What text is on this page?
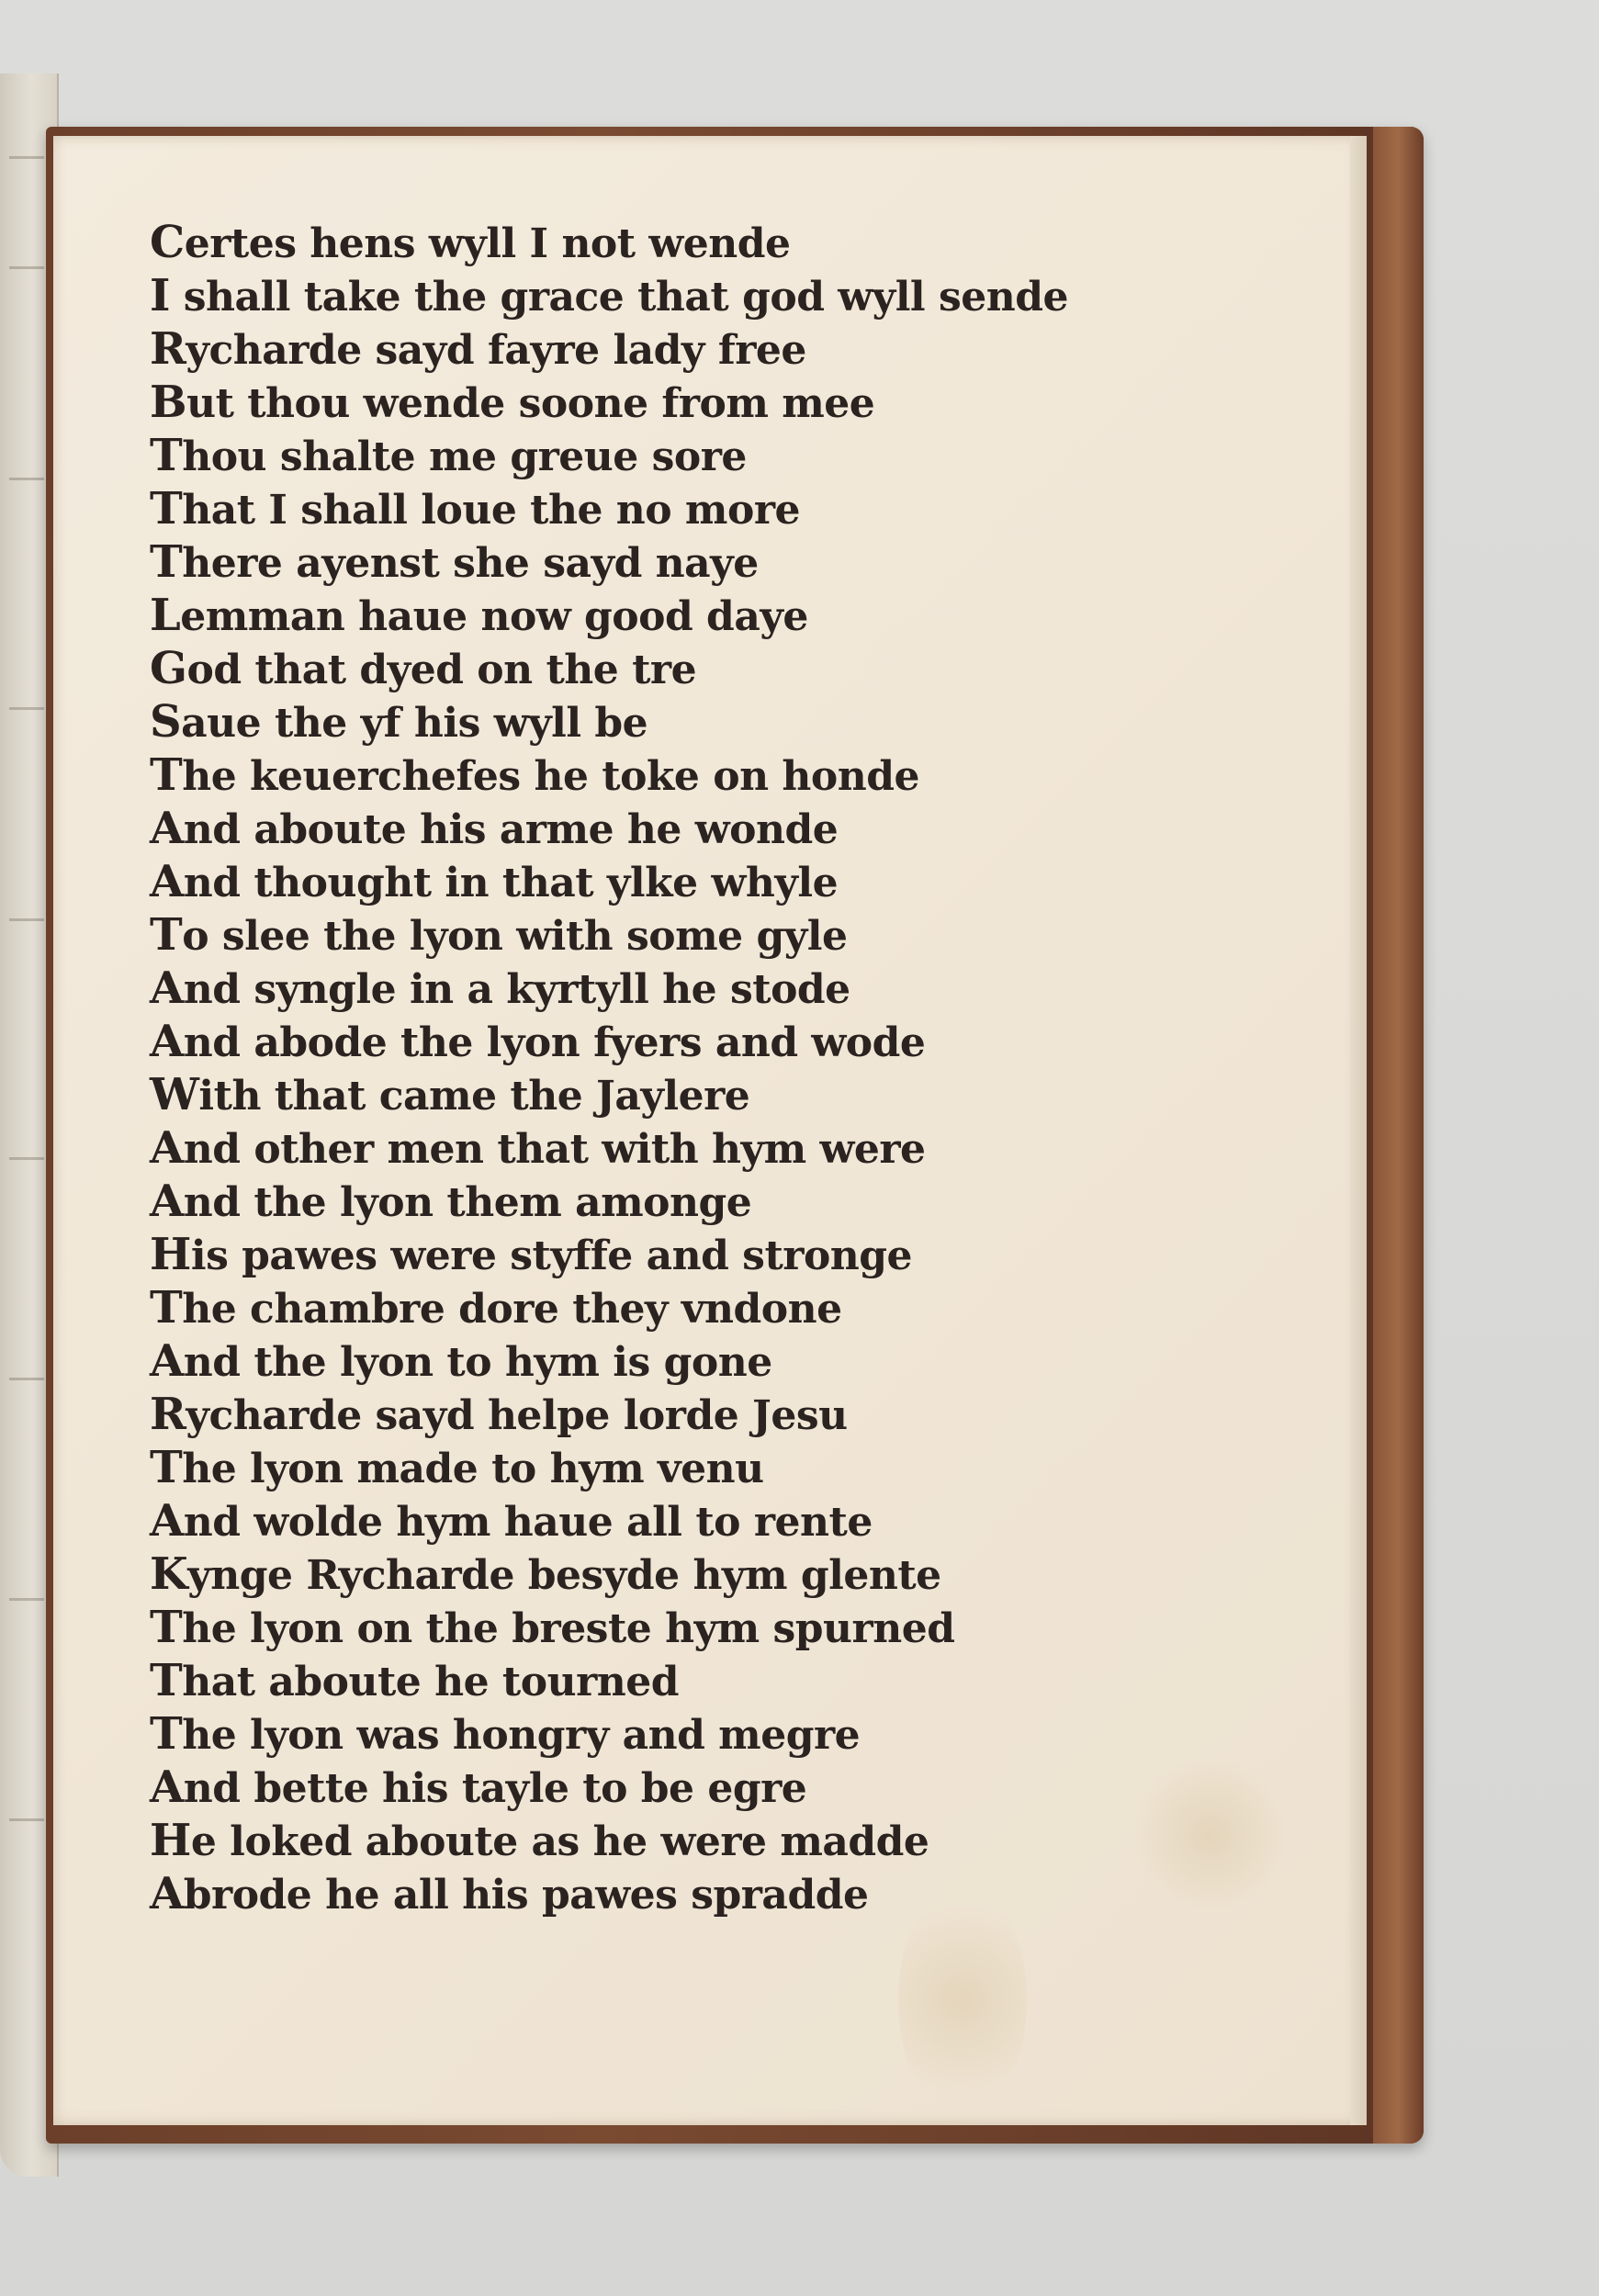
Certes hens wyll I not wende
I shall take the grace that god wyll sende
Rycharde sayd fayre lady free
But thou wende soone from mee
Thou shalte me greue sore
That I shall loue the no more
There ayenst she sayd naye
Lemman haue now good daye
God that dyed on the tre
Saue the yf his wyll be
The keuerchefes he toke on honde
And aboute his arme he wonde
And thought in that ylke whyle
To slee the lyon with some gyle
And syngle in a kyrtyll he stode
And abode the lyon fyers and wode
With that came the Jaylere
And other men that with hym were
And the lyon them amonge
His pawes were styffe and stronge
The chambre dore they vndone
And the lyon to hym is gone
Rycharde sayd helpe lorde Jesu
The lyon made to hym venu
And wolde hym haue all to rente
Kynge Rycharde besyde hym glente
The lyon on the breste hym spurned
That aboute he tourned
The lyon was hongry and megre
And bette his tayle to be egre
He loked aboute as he were madde
Abrode he all his pawes spradde
